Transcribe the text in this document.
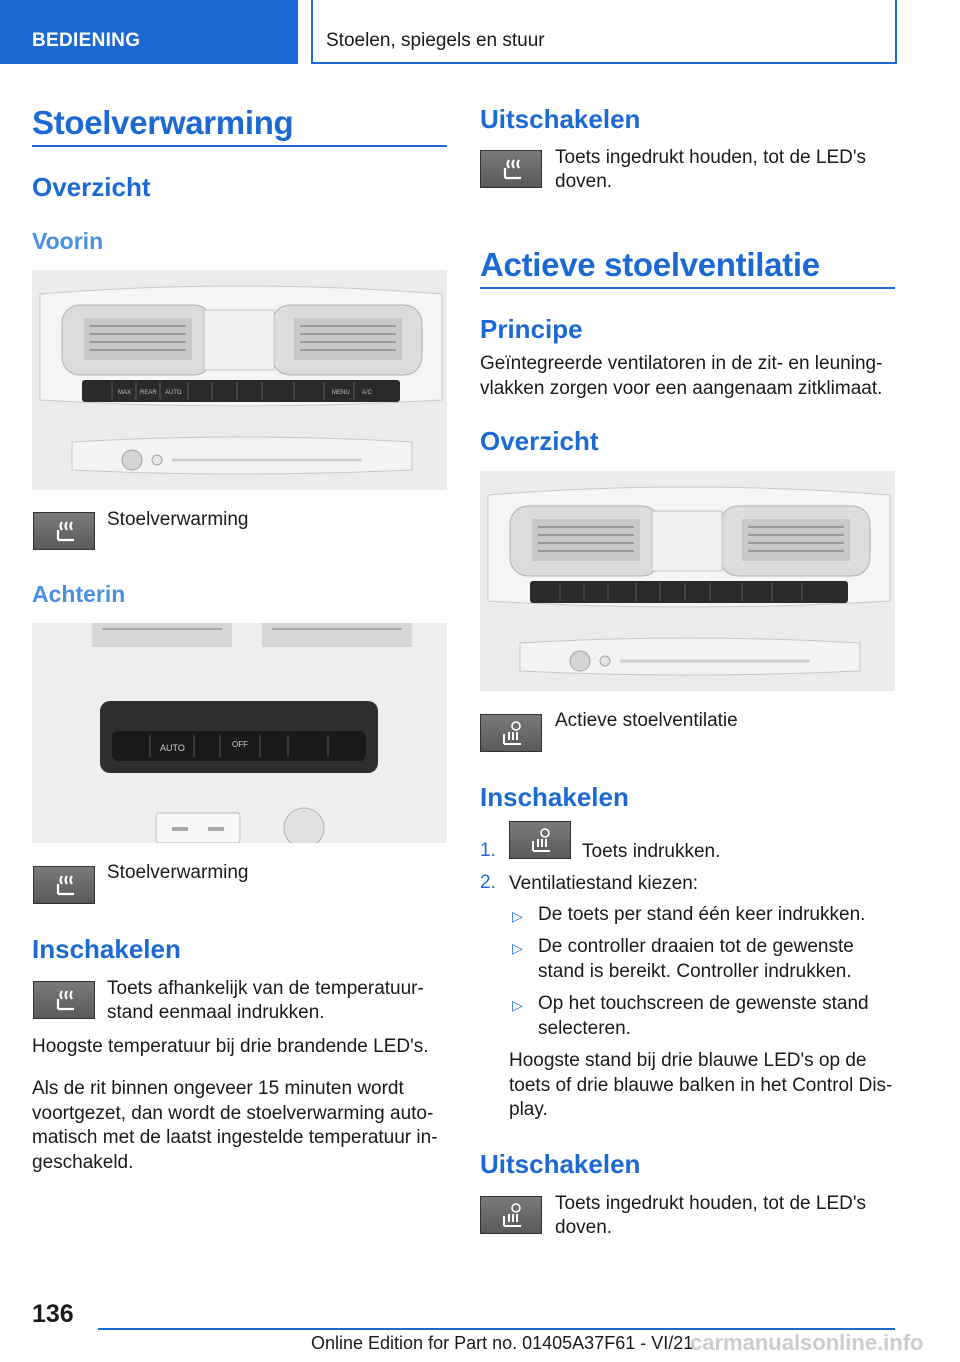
BEDIENING	Stoelen, spiegels en stuur
Stoelverwarming
Overzicht
Voorin
MAX REAR AUTO	MENU A/C
Stoelverwarming
Achterin
AUTO	OFF
Stoelverwarming
Inschakelen
Toets afhankelijk van de temperatuur-
stand eenmaal indrukken.
Hoogste temperatuur bij drie brandende LED's.
Als de rit binnen ongeveer 15 minuten wordt
voortgezet, dan wordt de stoelverwarming auto-
matisch met de laatst ingestelde temperatuur in-
geschakeld.
Uitschakelen
Toets ingedrukt houden, tot de LED's
doven.
Actieve stoelventilatie
Principe
Geïntegreerde ventilatoren in de zit- en leuning-
vlakken zorgen voor een aangenaam zitklimaat.
Overzicht
Actieve stoelventilatie
Inschakelen
1.	Toets indrukken.
2. Ventilatiestand kiezen:
▷ De toets per stand één keer indrukken.
▷ De controller draaien tot de gewenste
stand is bereikt. Controller indrukken.
▷ Op het touchscreen de gewenste stand
selecteren.
Hoogste stand bij drie blauwe LED's op de
toets of drie blauwe balken in het Control Dis-
play.
Uitschakelen
Toets ingedrukt houden, tot de LED's
doven.
136
Online Edition for Part no. 01405A37F61 - VI/21
carmanualsonline.info
